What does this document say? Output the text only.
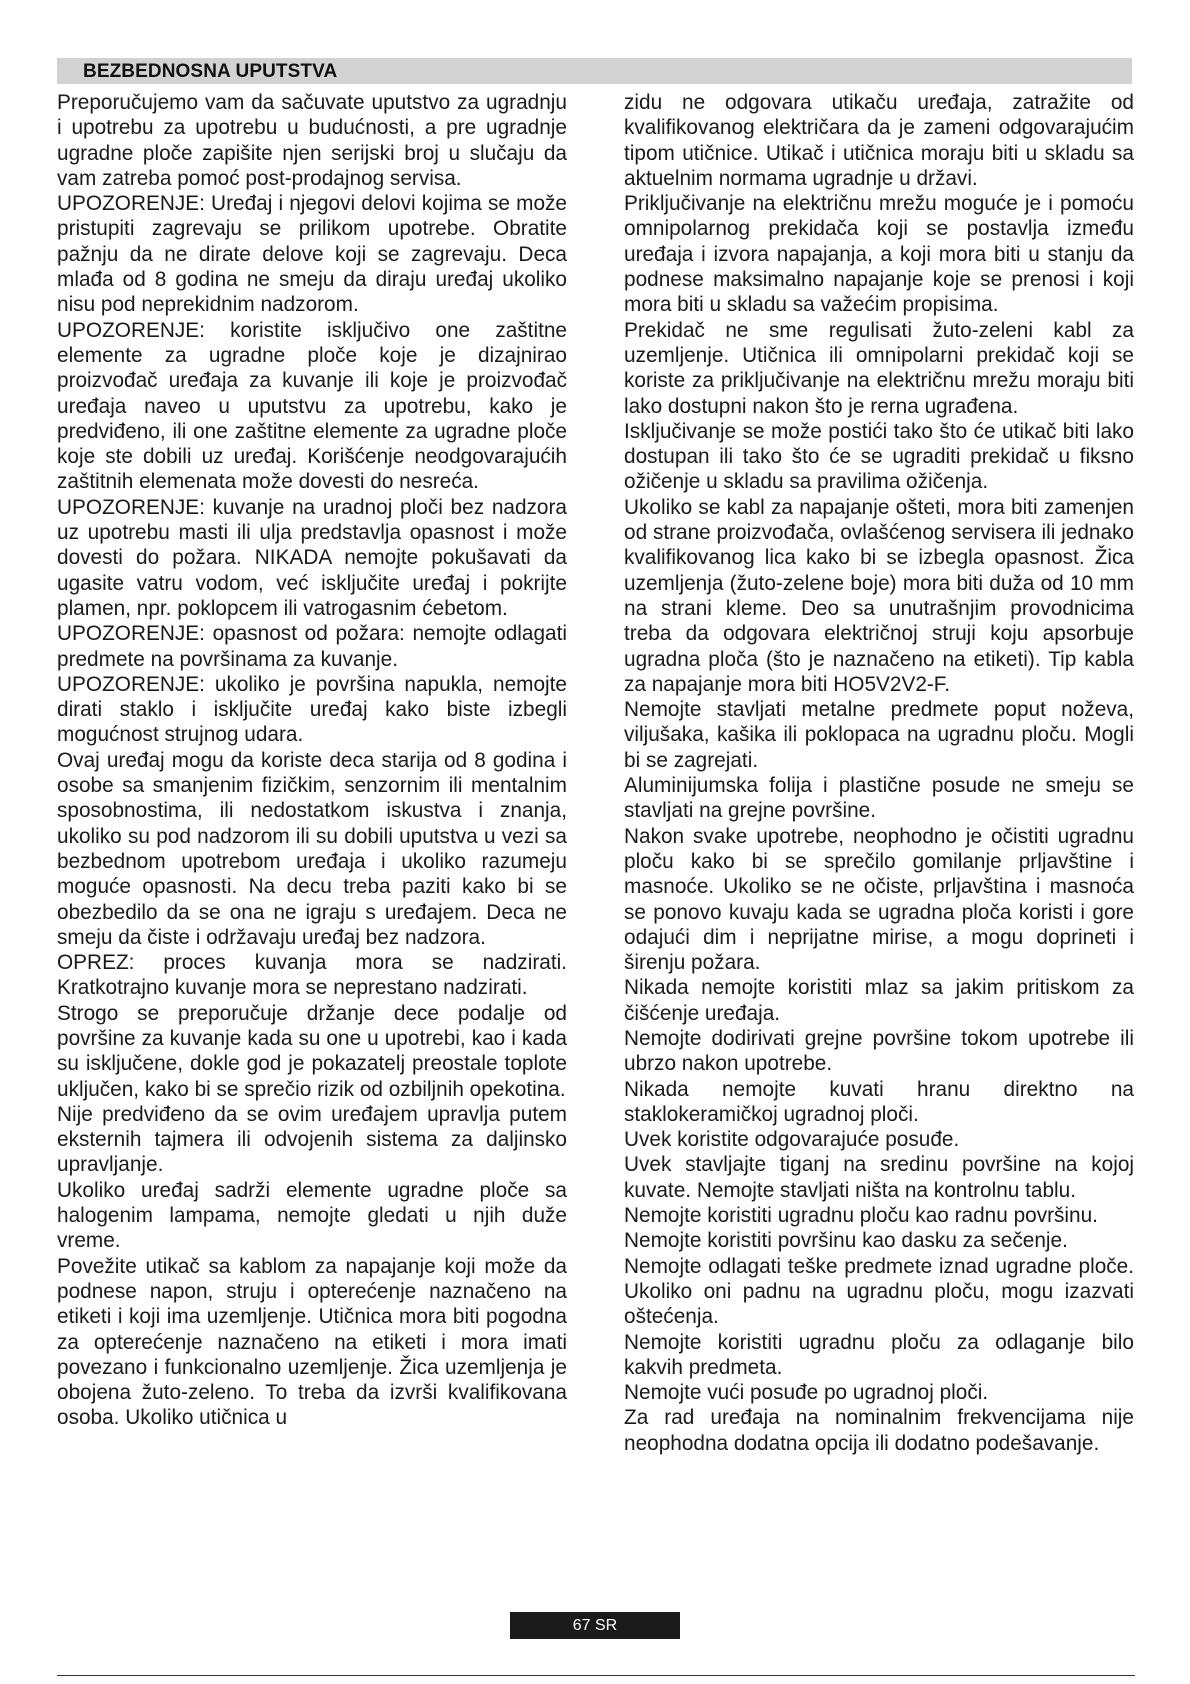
BEZBEDNOSNA UPUTSTVA

Preporučujemo vam da sačuvate uputstvo za ugradnju i upotrebu za upotrebu u budućnosti, a pre ugradnje ugradne ploče zapišite njen serijski broj u slučaju da vam zatreba pomoć post-prodajnog servisa.

UPOZORENJE: Uređaj i njegovi delovi kojima se može pristupiti zagrevaju se prilikom upotrebe. Obratite pažnju da ne dirate delove koji se zagrevaju. Deca mlađa od 8 godina ne smeju da diraju uređaj ukoliko nisu pod neprekidnim nadzorom.

UPOZORENJE: koristite isključivo one zaštitne elemente za ugradne ploče koje je dizajnirao proizvođač uređaja za kuvanje ili koje je proizvođač uređaja naveo u uputstvu za upotrebu, kako je predviđeno, ili one zaštitne elemente za ugradne ploče koje ste dobili uz uređaj. Korišćenje neodgovarajućih zaštitnih elemenata može dovesti do nesreća.

UPOZORENJE: kuvanje na uradnoj ploči bez nadzora uz upotrebu masti ili ulja predstavlja opasnost i može dovesti do požara. NIKADA nemojte pokušavati da ugasite vatru vodom, već isključite uređaj i pokrijte plamen, npr. poklopcem ili vatrogasnim ćebetom.

UPOZORENJE: opasnost od požara: nemojte odlagati predmete na površinama za kuvanje.

UPOZORENJE: ukoliko je površina napukla, nemojte dirati staklo i isključite uređaj kako biste izbegli mogućnost strujnog udara.

Ovaj uređaj mogu da koriste deca starija od 8 godina i osobe sa smanjenim fizičkim, senzornim ili mentalnim sposobnostima, ili nedostatkom iskustva i znanja, ukoliko su pod nadzorom ili su dobili uputstva u vezi sa bezbednom upotrebom uređaja i ukoliko razumeju moguće opasnosti. Na decu treba paziti kako bi se obezbedilo da se ona ne igraju s uređajem. Deca ne smeju da čiste i održavaju uređaj bez nadzora.

OPREZ: proces kuvanja mora se nadzirati. Kratkotrajno kuvanje mora se neprestano nadzirati.

Strogo se preporučuje držanje dece podalje od površine za kuvanje kada su one u upotrebi, kao i kada su isključene, dokle god je pokazatelj preostale toplote uključen, kako bi se sprečio rizik od ozbiljnih opekotina.

Nije predviđeno da se ovim uređajem upravlja putem eksternih tajmera ili odvojenih sistema za daljinsko upravljanje.

Ukoliko uređaj sadrži elemente ugradne ploče sa halogenim lampama, nemojte gledati u njih duže vreme.

Povežite utikač sa kablom za napajanje koji može da podnese napon, struju i opterećenje naznačeno na etiketi i koji ima uzemljenje. Utičnica mora biti pogodna za opterećenje naznačeno na etiketi i mora imati povezano i funkcionalno uzemljenje. Žica uzemljenja je obojena žuto-zeleno. To treba da izvrši kvalifikovana osoba. Ukoliko utičnica u

zidu ne odgovara utikaču uređaja, zatražite od kvalifikovanog električara da je zameni odgovarajućim tipom utičnice. Utikač i utičnica moraju biti u skladu sa aktuelnim normama ugradnje u državi.

Priključivanje na električnu mrežu moguće je i pomoću omnipolarnog prekidača koji se postavlja između uređaja i izvora napajanja, a koji mora biti u stanju da podnese maksimalno napajanje koje se prenosi i koji mora biti u skladu sa važećim propisima.

Prekidač ne sme regulisati žuto-zeleni kabl za uzemljenje. Utičnica ili omnipolarni prekidač koji se koriste za priključivanje na električnu mrežu moraju biti lako dostupni nakon što je rerna ugrađena.

Isključivanje se može postići tako što će utikač biti lako dostupan ili tako što će se ugraditi prekidač u fiksno ožičenje u skladu sa pravilima ožičenja.

Ukoliko se kabl za napajanje ošteti, mora biti zamenjen od strane proizvođača, ovlašćenog servisera ili jednako kvalifikovanog lica kako bi se izbegla opasnost. Žica uzemljenja (žuto-zelene boje) mora biti duža od 10 mm na strani kleme. Deo sa unutrašnjim provodnicima treba da odgovara električnoj struji koju apsorbuje ugradna ploča (što je naznačeno na etiketi). Tip kabla za napajanje mora biti HO5V2V2-F.

Nemojte stavljati metalne predmete poput noževa, viljušaka, kašika ili poklopaca na ugradnu ploču. Mogli bi se zagrejati.

Aluminijumska folija i plastične posude ne smeju se stavljati na grejne površine.

Nakon svake upotrebe, neophodno je očistiti ugradnu ploču kako bi se sprečilo gomilanje prljavštine i masnoće. Ukoliko se ne očiste, prljavština i masnoća se ponovo kuvaju kada se ugradna ploča koristi i gore odajući dim i neprijatne mirise, a mogu doprineti i širenju požara.

Nikada nemojte koristiti mlaz sa jakim pritiskom za čišćenje uređaja.

Nemojte dodirivati grejne površine tokom upotrebe ili ubrzo nakon upotrebe.

Nikada nemojte kuvati hranu direktno na staklokeramičkoj ugradnoj ploči.

Uvek koristite odgovarajuće posuđe.

Uvek stavljajte tiganj na sredinu površine na kojoj kuvate. Nemojte stavljati ništa na kontrolnu tablu.

Nemojte koristiti ugradnu ploču kao radnu površinu.

Nemojte koristiti površinu kao dasku za sečenje.

Nemojte odlagati teške predmete iznad ugradne ploče. Ukoliko oni padnu na ugradnu ploču, mogu izazvati oštećenja.

Nemojte koristiti ugradnu ploču za odlaganje bilo kakvih predmeta.

Nemojte vući posuđe po ugradnoj ploči.

Za rad uređaja na nominalnim frekvencijama nije neophodna dodatna opcija ili dodatno podešavanje.

67 SR
